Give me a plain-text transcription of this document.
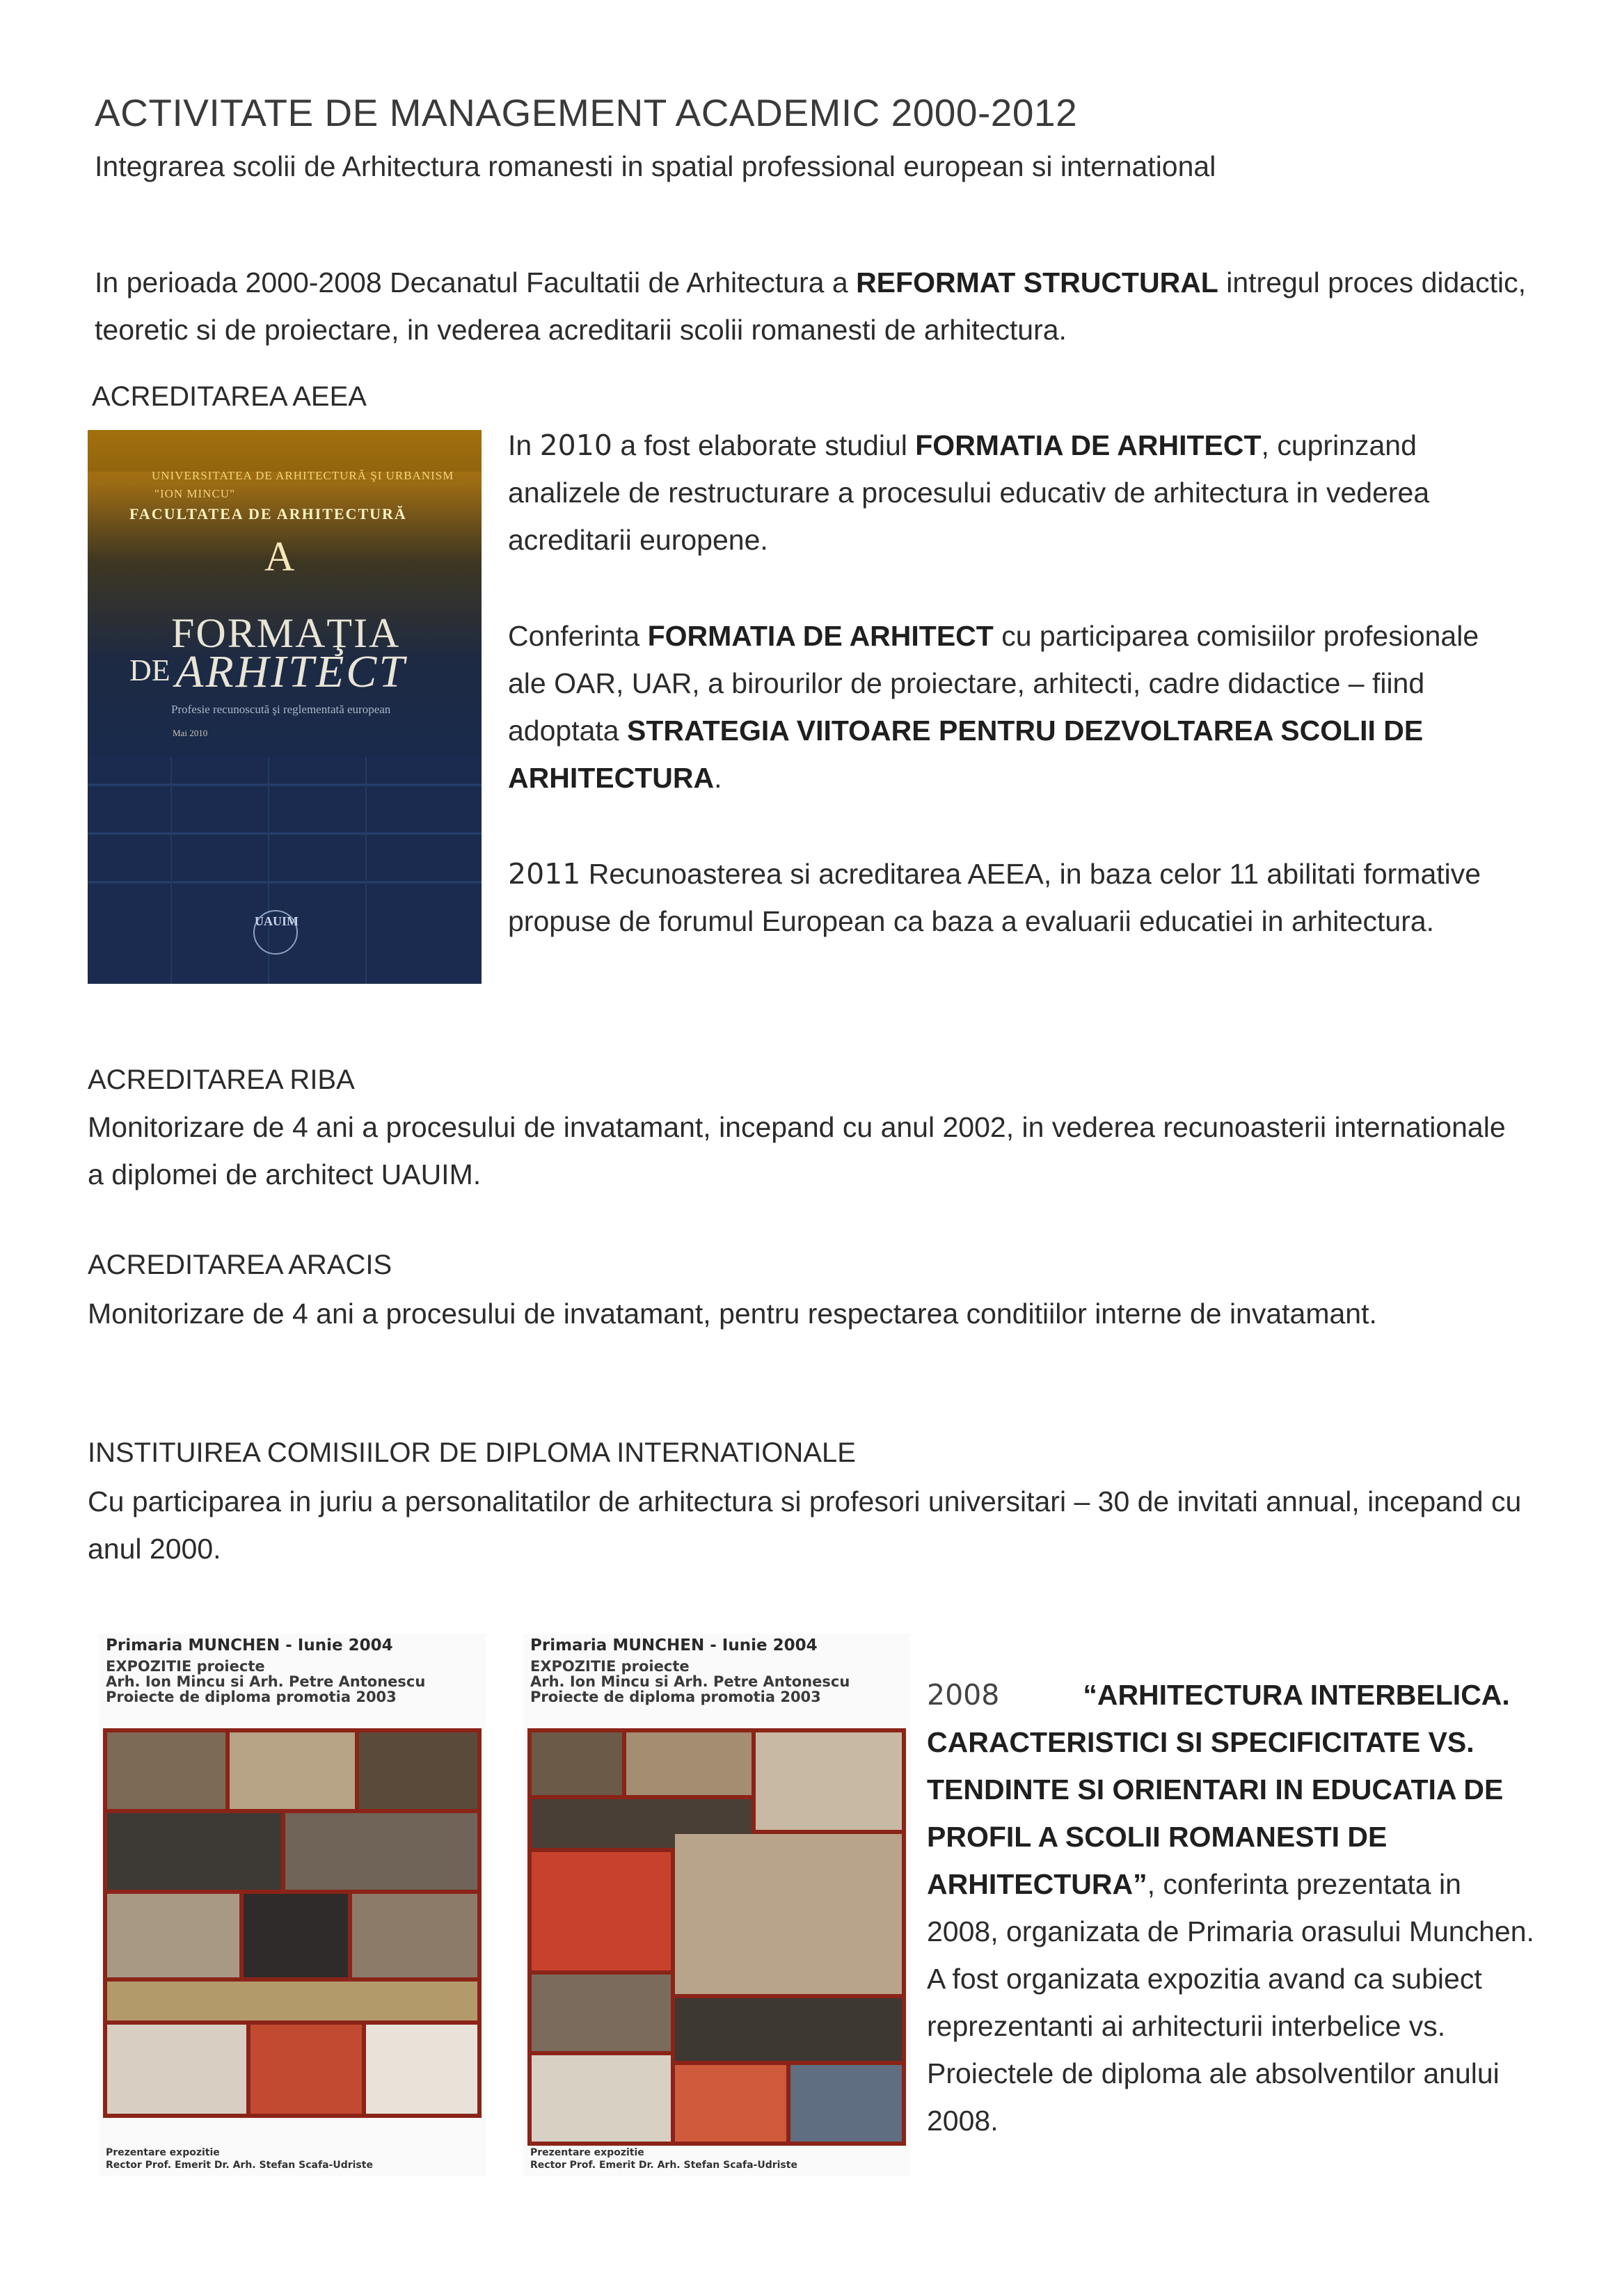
ACTIVITATE DE MANAGEMENT ACADEMIC 2000-2012
Integrarea scolii de Arhitectura romanesti in spatial professional european si international
In perioada 2000-2008 Decanatul Facultatii de Arhitectura a REFORMAT STRUCTURAL intregul proces didactic, teoretic si de proiectare, in vederea acreditarii scolii romanesti de arhitectura.
ACREDITAREA AEEA
UNIVERSITATEA DE ARHITECTURĂ ŞI URBANISM
"ION MINCU"
FACULTATEA DE ARHITECTURĂ
A
FORMAŢIA
DE ARHITECT
Profesie recunoscută şi reglementată european
Mai 2010
UAUIM
In 2010 a fost elaborate studiul FORMATIA DE ARHITECT, cuprinzand analizele de restructurare a procesului educativ de arhitectura in vederea acreditarii europene.
Conferinta FORMATIA DE ARHITECT cu participarea comisiilor profesionale ale OAR, UAR, a birourilor de proiectare, arhitecti, cadre didactice – fiind adoptata STRATEGIA VIITOARE PENTRU DEZVOLTAREA SCOLII DE ARHITECTURA.
2011 Recunoasterea si acreditarea AEEA, in baza celor 11 abilitati formative propuse de forumul European ca baza a evaluarii educatiei in arhitectura.
ACREDITAREA RIBA
Monitorizare de 4 ani a procesului de invatamant, incepand cu anul 2002, in vederea recunoasterii internationale a diplomei de architect UAUIM.
ACREDITAREA ARACIS
Monitorizare de 4 ani a procesului de invatamant, pentru respectarea conditiilor interne de invatamant.
INSTITUIREA COMISIILOR DE DIPLOMA INTERNATIONALE
Cu participarea in juriu a personalitatilor de arhitectura si profesori universitari – 30 de invitati annual, incepand cu anul 2000.
Primaria MUNCHEN - Iunie 2004
EXPOZITIE proiecte
Arh. Ion Mincu si Arh. Petre Antonescu
Proiecte de diploma promotia 2003
Prezentare expozitie
Rector Prof. Emerit Dr. Arh. Stefan Scafa-Udriste
Primaria MUNCHEN - Iunie 2004
EXPOZITIE proiecte
Arh. Ion Mincu si Arh. Petre Antonescu
Proiecte de diploma promotia 2003
Prezentare expozitie
Rector Prof. Emerit Dr. Arh. Stefan Scafa-Udriste
2008	“ARHITECTURA INTERBELICA. CARACTERISTICI SI SPECIFICITATE VS. TENDINTE SI ORIENTARI IN EDUCATIA DE PROFIL A SCOLII ROMANESTI DE ARHITECTURA”, conferinta prezentata in 2008, organizata de Primaria orasului Munchen. A fost organizata expozitia avand ca subiect reprezentanti ai arhitecturii interbelice vs. Proiectele de diploma ale absolventilor anului 2008.
